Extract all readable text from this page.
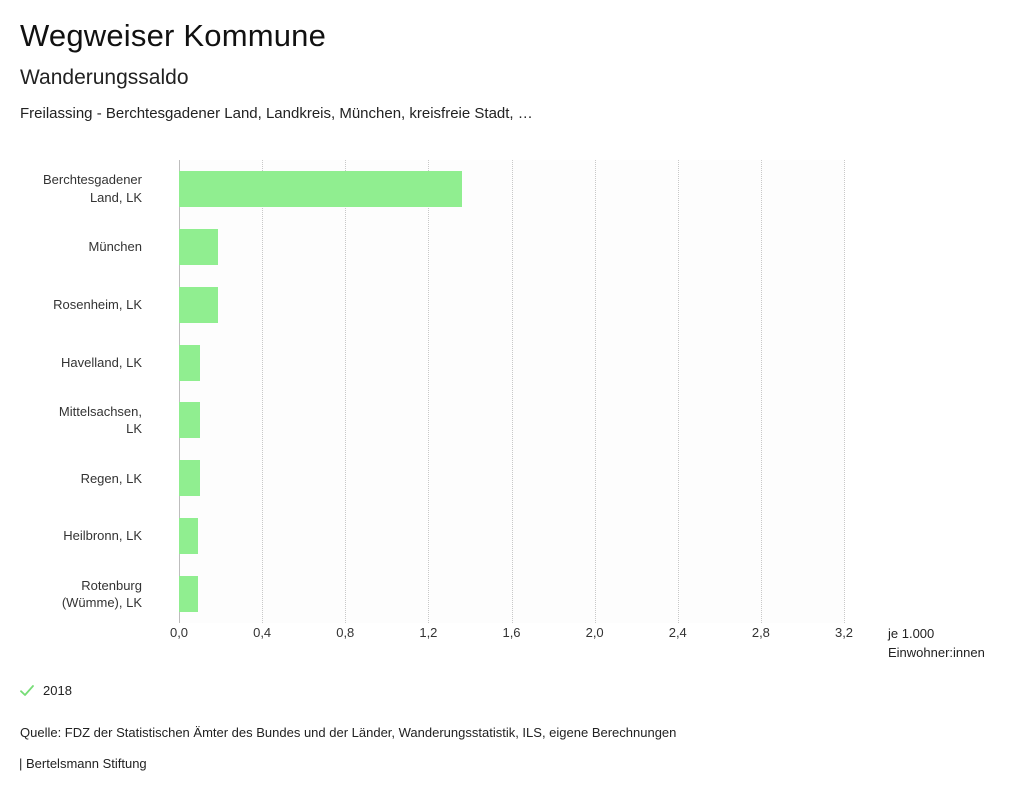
Wegweiser Kommune
Wanderungssaldo
Freilassing - Berchtesgadener Land, Landkreis, München, kreisfreie Stadt, …
Berchtesgadener
Land, LK
München
Rosenheim, LK
Havelland, LK
Mittelsachsen,
LK
Regen, LK
Heilbronn, LK
Rotenburg
(Wümme), LK
0,0	0,4	0,8	1,2	1,6	2,0	2,4	2,8	3,2	je 1.000
Einwohner:innen
2018
Quelle: FDZ der Statistischen Ämter des Bundes und der Länder, Wanderungsstatistik, ILS, eigene Berechnungen
| Bertelsmann Stiftung
